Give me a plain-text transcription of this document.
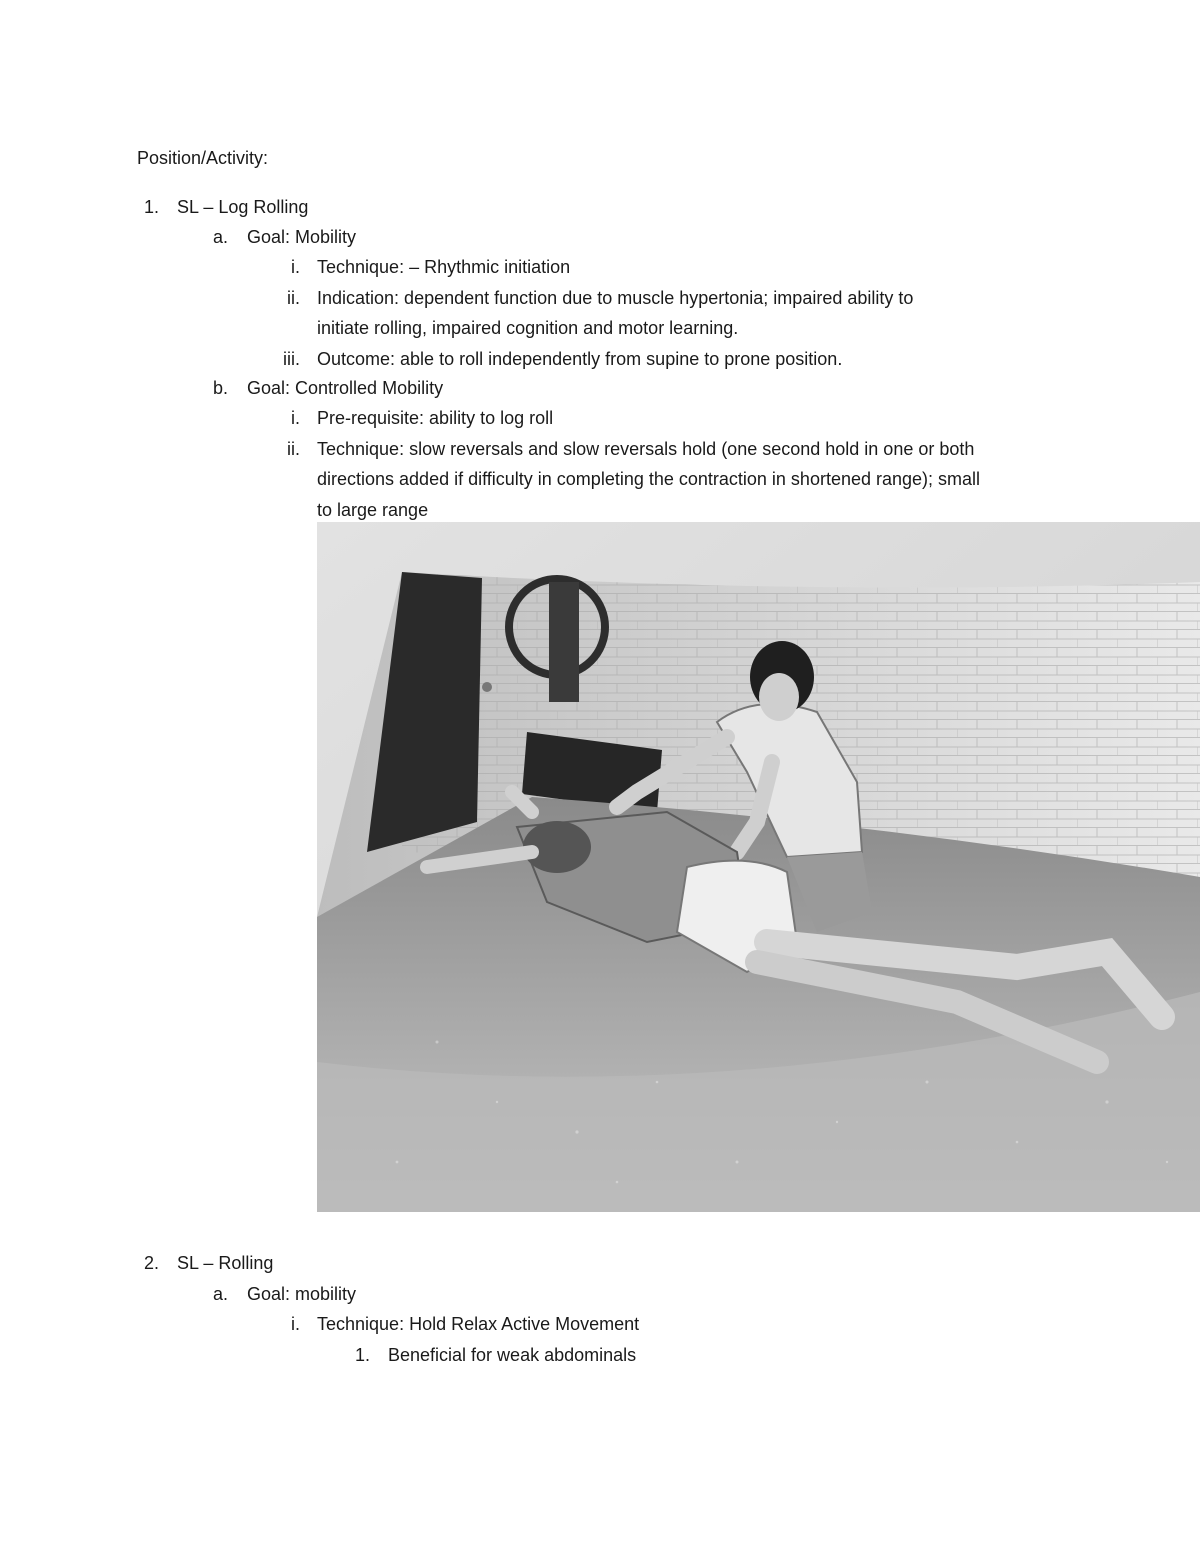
Position/Activity:
1. SL – Log Rolling
a. Goal: Mobility
i. Technique: – Rhythmic initiation
ii. Indication: dependent function due to muscle hypertonia; impaired ability to
initiate rolling, impaired cognition and motor learning.
iii. Outcome: able to roll independently from supine to prone position.
b. Goal: Controlled Mobility
i. Pre-requisite: ability to log roll
ii. Technique: slow reversals and slow reversals hold (one second hold in one or both
directions added if difficulty in completing the contraction in shortened range); small
to large range
2. SL – Rolling
a. Goal: mobility
i. Technique: Hold Relax Active Movement
1. Beneficial for weak abdominals
